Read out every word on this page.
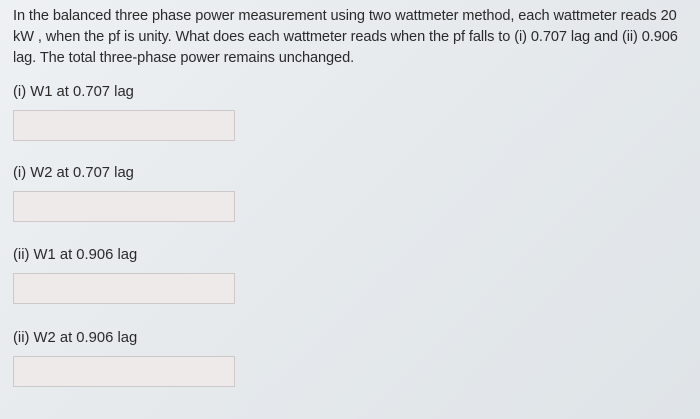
In the balanced three phase power measurement using two wattmeter method, each wattmeter reads 20 kW , when the pf is unity. What does each wattmeter reads when the pf falls to (i) 0.707 lag and (ii) 0.906 lag. The total three-phase power remains unchanged.

(i) W1 at 0.707 lag

(i) W2 at 0.707 lag

(ii) W1 at 0.906 lag

(ii) W2 at 0.906 lag
